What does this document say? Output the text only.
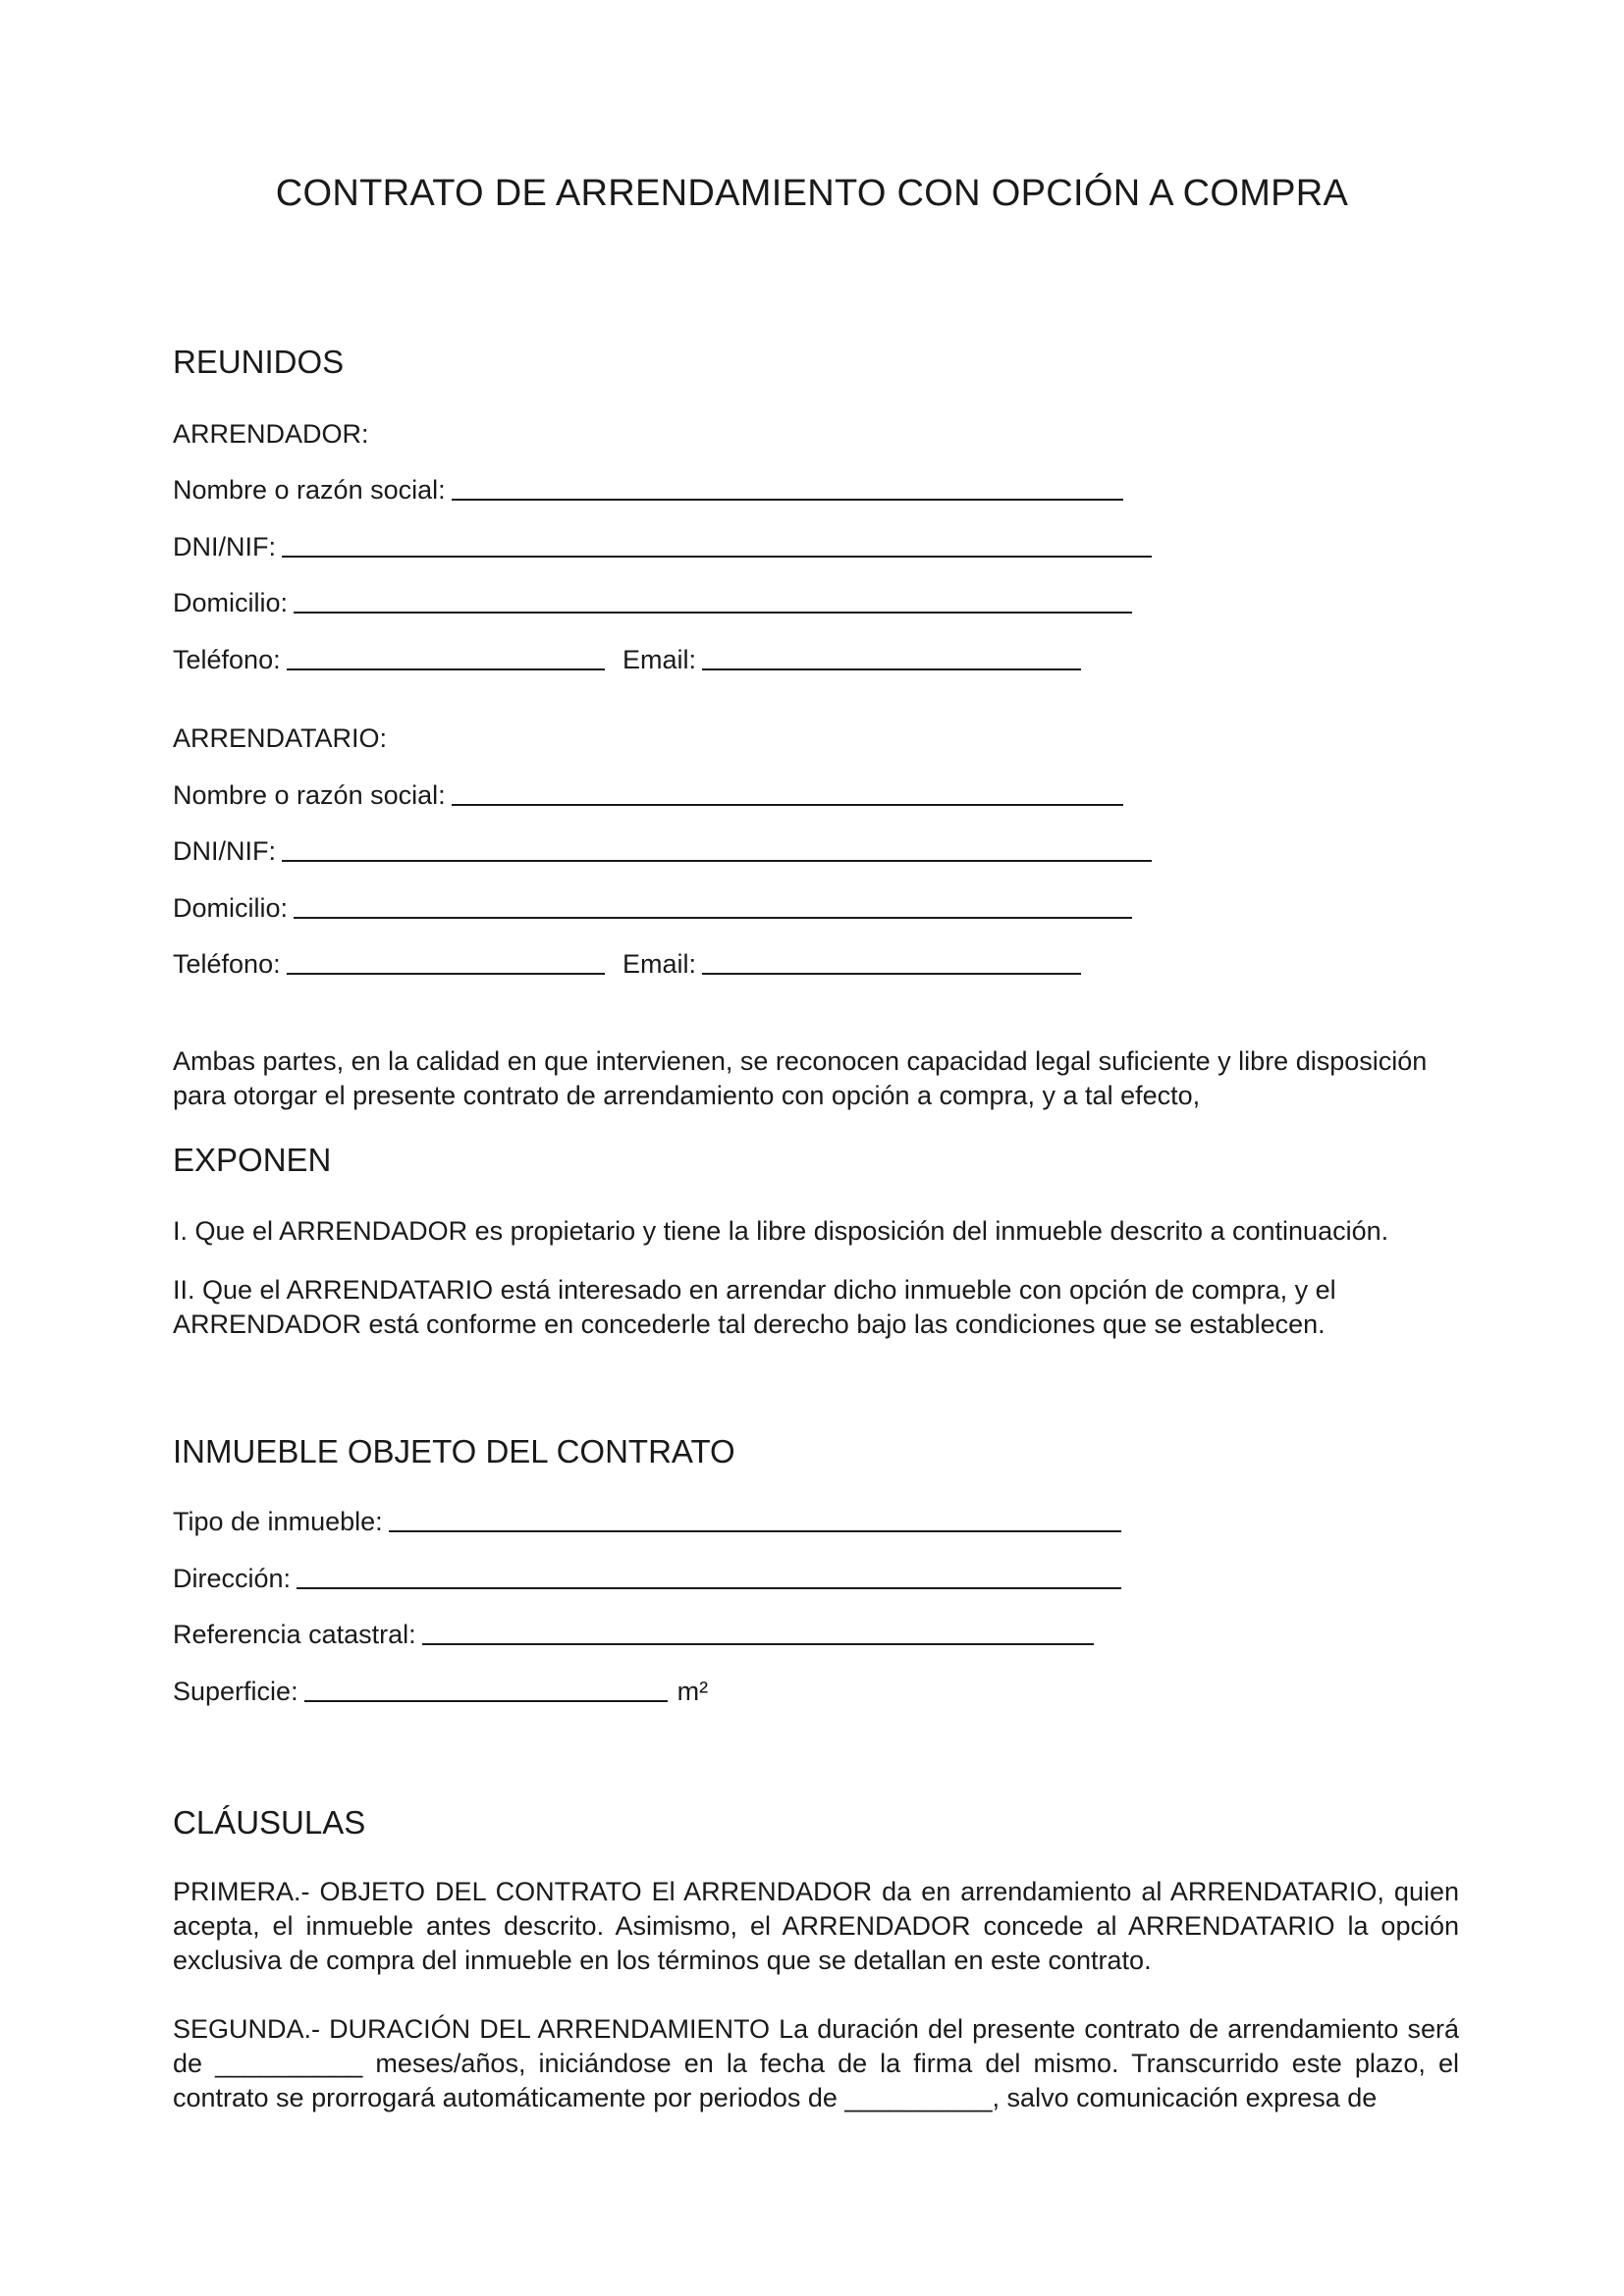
CONTRATO DE ARRENDAMIENTO CON OPCIÓN A COMPRA
REUNIDOS
ARRENDADOR:
Nombre o razón social:
DNI/NIF:
Domicilio:
Teléfono:	Email:
ARRENDATARIO:
Nombre o razón social:
DNI/NIF:
Domicilio:
Teléfono:	Email:
Ambas partes, en la calidad en que intervienen, se reconocen capacidad legal suficiente y libre disposición para otorgar el presente contrato de arrendamiento con opción a compra, y a tal efecto,
EXPONEN
I. Que el ARRENDADOR es propietario y tiene la libre disposición del inmueble descrito a continuación.
II. Que el ARRENDATARIO está interesado en arrendar dicho inmueble con opción de compra, y el ARRENDADOR está conforme en concederle tal derecho bajo las condiciones que se establecen.
INMUEBLE OBJETO DEL CONTRATO
Tipo de inmueble:
Dirección:
Referencia catastral:
Superficie:	m²
CLÁUSULAS
PRIMERA.- OBJETO DEL CONTRATO El ARRENDADOR da en arrendamiento al ARRENDATARIO, quien acepta, el inmueble antes descrito. Asimismo, el ARRENDADOR concede al ARRENDATARIO la opción exclusiva de compra del inmueble en los términos que se detallan en este contrato.
SEGUNDA.- DURACIÓN DEL ARRENDAMIENTO La duración del presente contrato de arrendamiento será de __________ meses/años, iniciándose en la fecha de la firma del mismo. Transcurrido este plazo, el contrato se prorrogará automáticamente por periodos de __________, salvo comunicación expresa de
